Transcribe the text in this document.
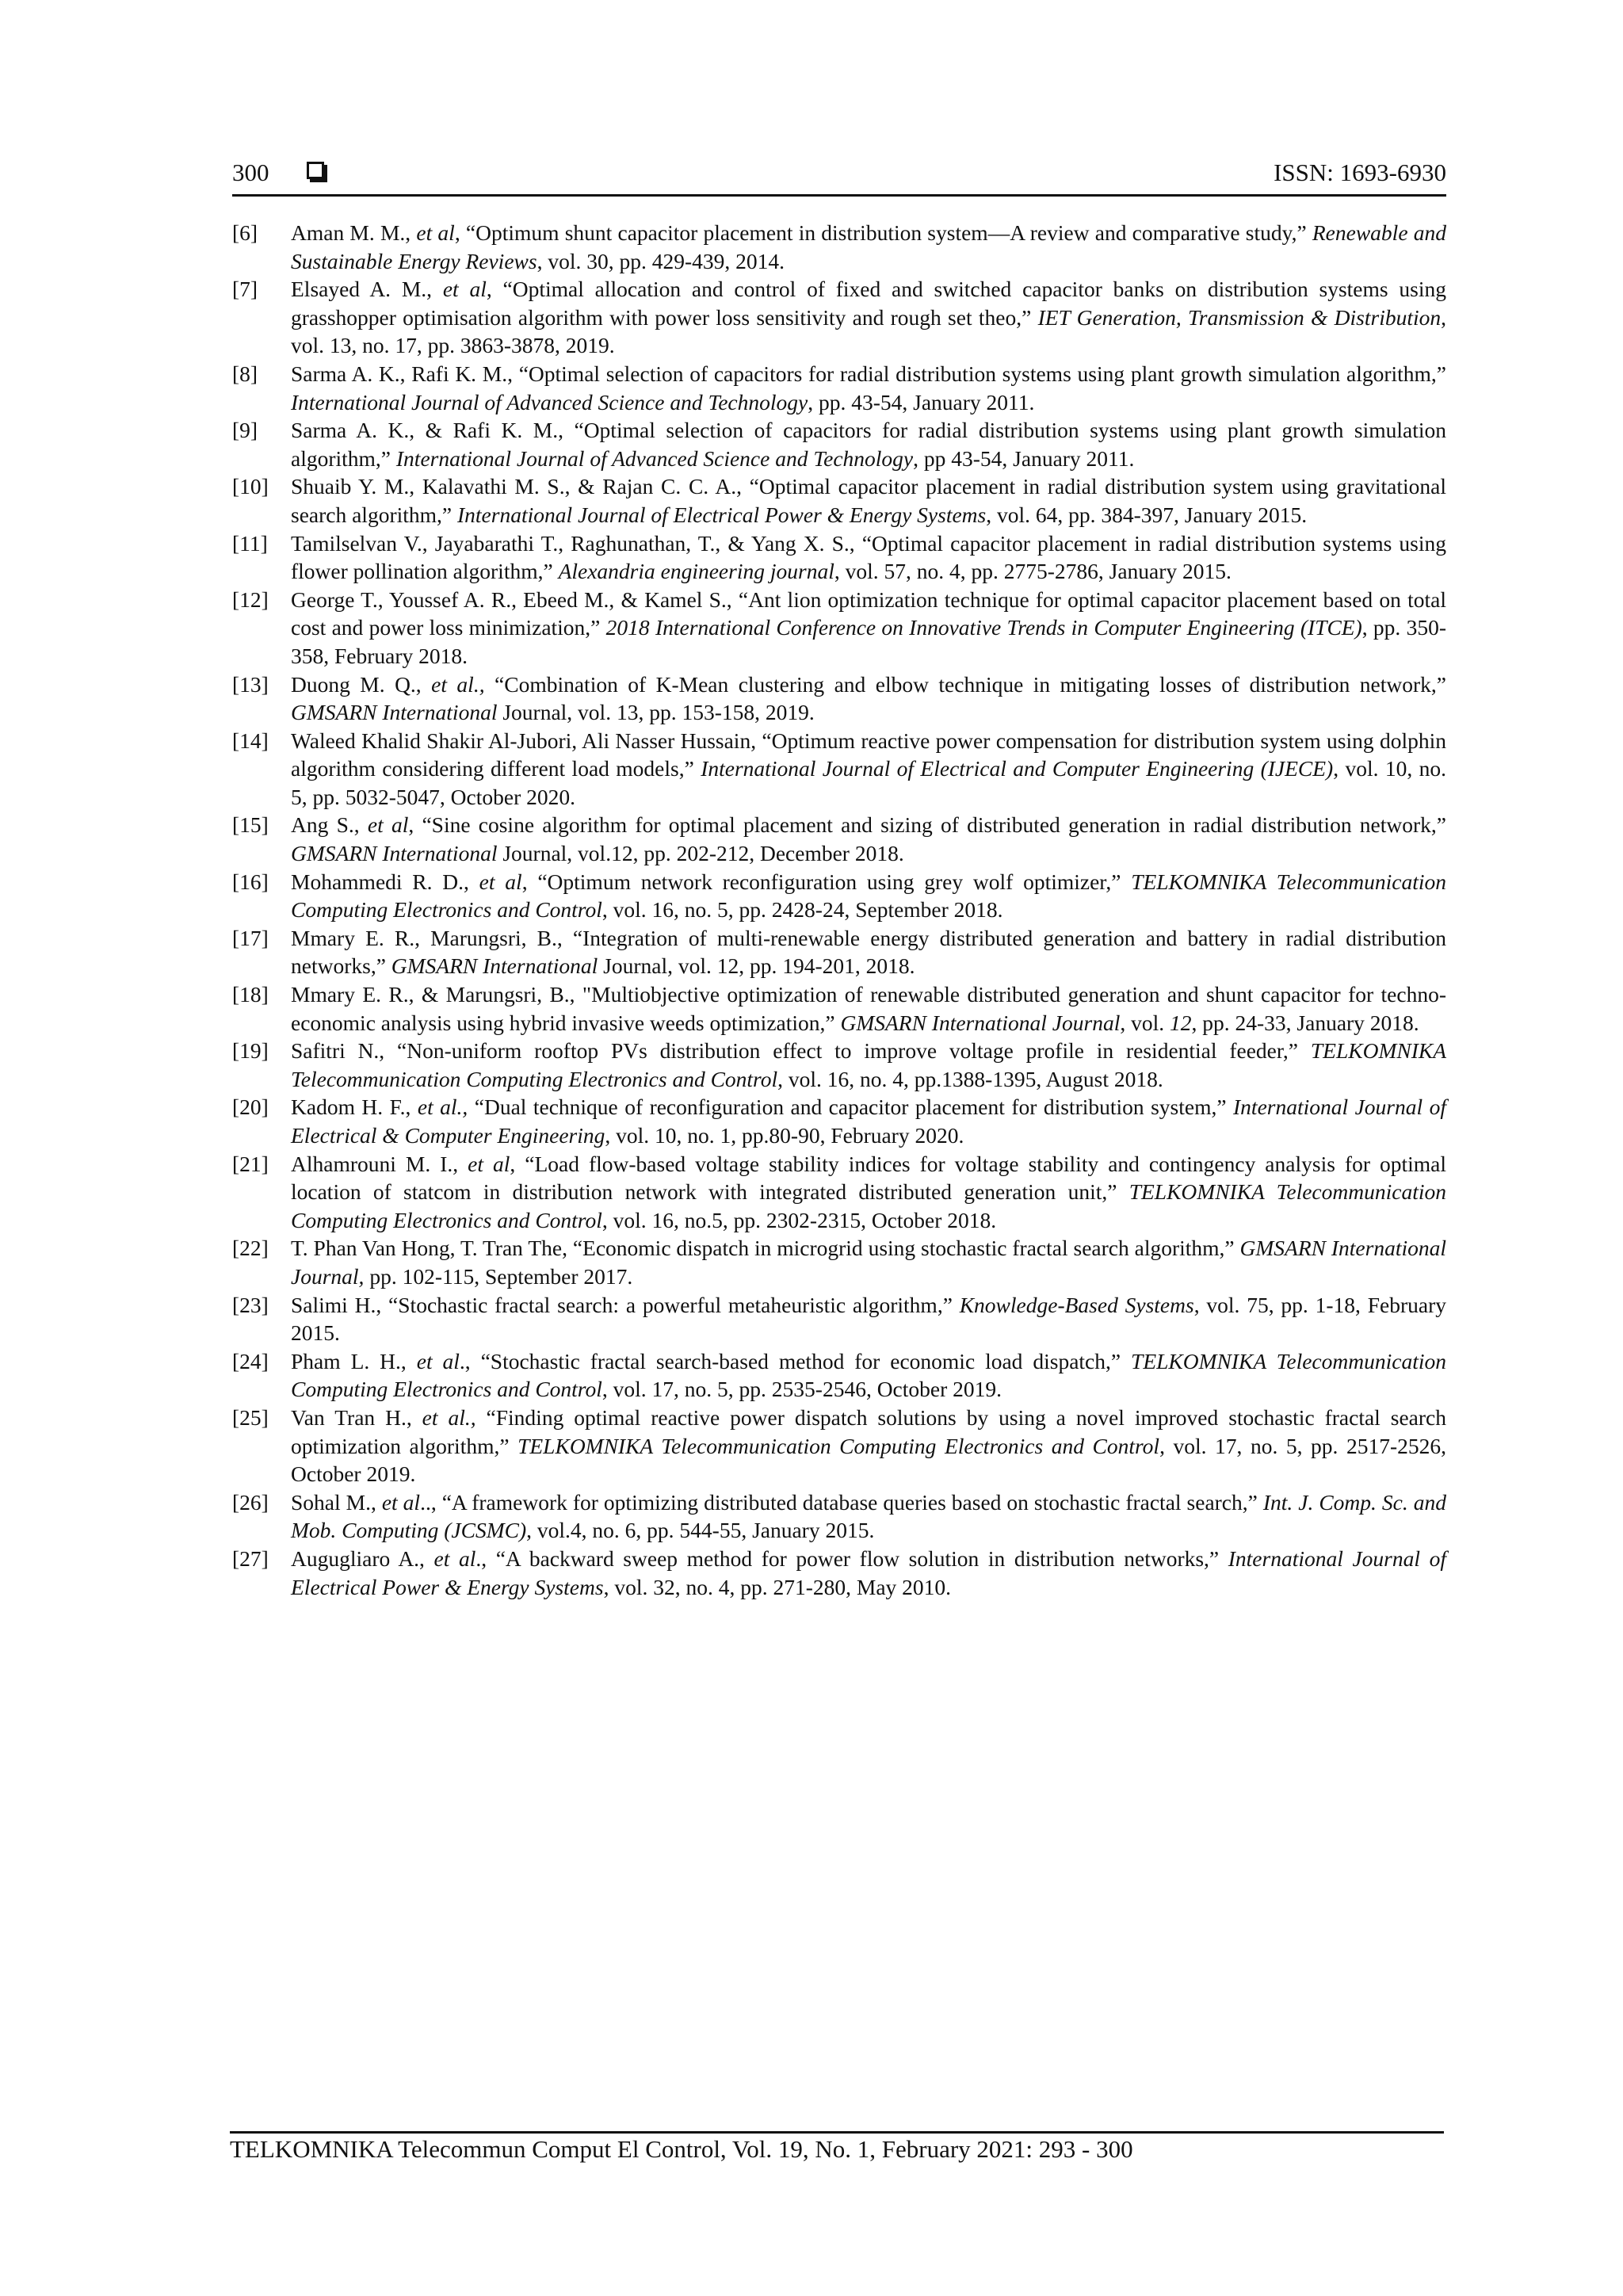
300	ISSN: 1693-6930
[6]	Aman M. M., et al, “Optimum shunt capacitor placement in distribution system—A review and comparative study,” Renewable and Sustainable Energy Reviews, vol. 30, pp. 429-439, 2014.
[7]	Elsayed A. M., et al, “Optimal allocation and control of fixed and switched capacitor banks on distribution systems using grasshopper optimisation algorithm with power loss sensitivity and rough set theo,” IET Generation, Transmission & Distribution, vol. 13, no. 17, pp. 3863-3878, 2019.
[8]	Sarma A. K., Rafi K. M., “Optimal selection of capacitors for radial distribution systems using plant growth simulation algorithm,” International Journal of Advanced Science and Technology, pp. 43-54, January 2011.
[9]	Sarma A. K., & Rafi K. M., “Optimal selection of capacitors for radial distribution systems using plant growth simulation algorithm,” International Journal of Advanced Science and Technology, pp 43-54, January 2011.
[10]	Shuaib Y. M., Kalavathi M. S., & Rajan C. C. A., “Optimal capacitor placement in radial distribution system using gravitational search algorithm,” International Journal of Electrical Power & Energy Systems, vol. 64, pp. 384-397, January 2015.
[11]	Tamilselvan V., Jayabarathi T., Raghunathan, T., & Yang X. S., “Optimal capacitor placement in radial distribution systems using flower pollination algorithm,” Alexandria engineering journal, vol. 57, no. 4, pp. 2775-2786, January 2015.
[12]	George T., Youssef A. R., Ebeed M., & Kamel S., “Ant lion optimization technique for optimal capacitor placement based on total cost and power loss minimization,” 2018 International Conference on Innovative Trends in Computer Engineering (ITCE), pp. 350-358, February 2018.
[13]	Duong M. Q., et al., “Combination of K-Mean clustering and elbow technique in mitigating losses of distribution network,” GMSARN International Journal, vol. 13, pp. 153-158, 2019.
[14]	Waleed Khalid Shakir Al-Jubori, Ali Nasser Hussain, “Optimum reactive power compensation for distribution system using dolphin algorithm considering different load models,” International Journal of Electrical and Computer Engineering (IJECE), vol. 10, no. 5, pp. 5032-5047, October 2020.
[15]	Ang S., et al, “Sine cosine algorithm for optimal placement and sizing of distributed generation in radial distribution network,” GMSARN International Journal, vol.12, pp. 202-212, December 2018.
[16]	Mohammedi R. D., et al, “Optimum network reconfiguration using grey wolf optimizer,” TELKOMNIKA Telecommunication Computing Electronics and Control, vol. 16, no. 5, pp. 2428-24, September 2018.
[17]	Mmary E. R., Marungsri, B., “Integration of multi-renewable energy distributed generation and battery in radial distribution networks,” GMSARN International Journal, vol. 12, pp. 194-201, 2018.
[18]	Mmary E. R., & Marungsri, B., "Multiobjective optimization of renewable distributed generation and shunt capacitor for techno-economic analysis using hybrid invasive weeds optimization,” GMSARN International Journal, vol. 12, pp. 24-33, January 2018.
[19]	Safitri N., “Non-uniform rooftop PVs distribution effect to improve voltage profile in residential feeder,” TELKOMNIKA Telecommunication Computing Electronics and Control, vol. 16, no. 4, pp.1388-1395, August 2018.
[20]	Kadom H. F., et al., “Dual technique of reconfiguration and capacitor placement for distribution system,” International Journal of Electrical & Computer Engineering, vol. 10, no. 1, pp.80-90, February 2020.
[21]	Alhamrouni M. I., et al, “Load flow-based voltage stability indices for voltage stability and contingency analysis for optimal location of statcom in distribution network with integrated distributed generation unit,” TELKOMNIKA Telecommunication Computing Electronics and Control, vol. 16, no.5, pp. 2302-2315, October 2018.
[22]	T. Phan Van Hong, T. Tran The, “Economic dispatch in microgrid using stochastic fractal search algorithm,” GMSARN International Journal, pp. 102-115, September 2017.
[23]	Salimi H., “Stochastic fractal search: a powerful metaheuristic algorithm,” Knowledge-Based Systems, vol. 75, pp. 1-18, February 2015.
[24]	Pham L. H., et al., “Stochastic fractal search-based method for economic load dispatch,” TELKOMNIKA Telecommunication Computing Electronics and Control, vol. 17, no. 5, pp. 2535-2546, October 2019.
[25]	Van Tran H., et al., “Finding optimal reactive power dispatch solutions by using a novel improved stochastic fractal search optimization algorithm,” TELKOMNIKA Telecommunication Computing Electronics and Control, vol. 17, no. 5, pp. 2517-2526, October 2019.
[26]	Sohal M., et al.., “A framework for optimizing distributed database queries based on stochastic fractal search,” Int. J. Comp. Sc. and Mob. Computing (JCSMC), vol.4, no. 6, pp. 544-55, January 2015.
[27]	Augugliaro A., et al., “A backward sweep method for power flow solution in distribution networks,” International Journal of Electrical Power & Energy Systems, vol. 32, no. 4, pp. 271-280, May 2010.
TELKOMNIKA Telecommun Comput El Control, Vol. 19, No. 1, February 2021: 293 - 300
